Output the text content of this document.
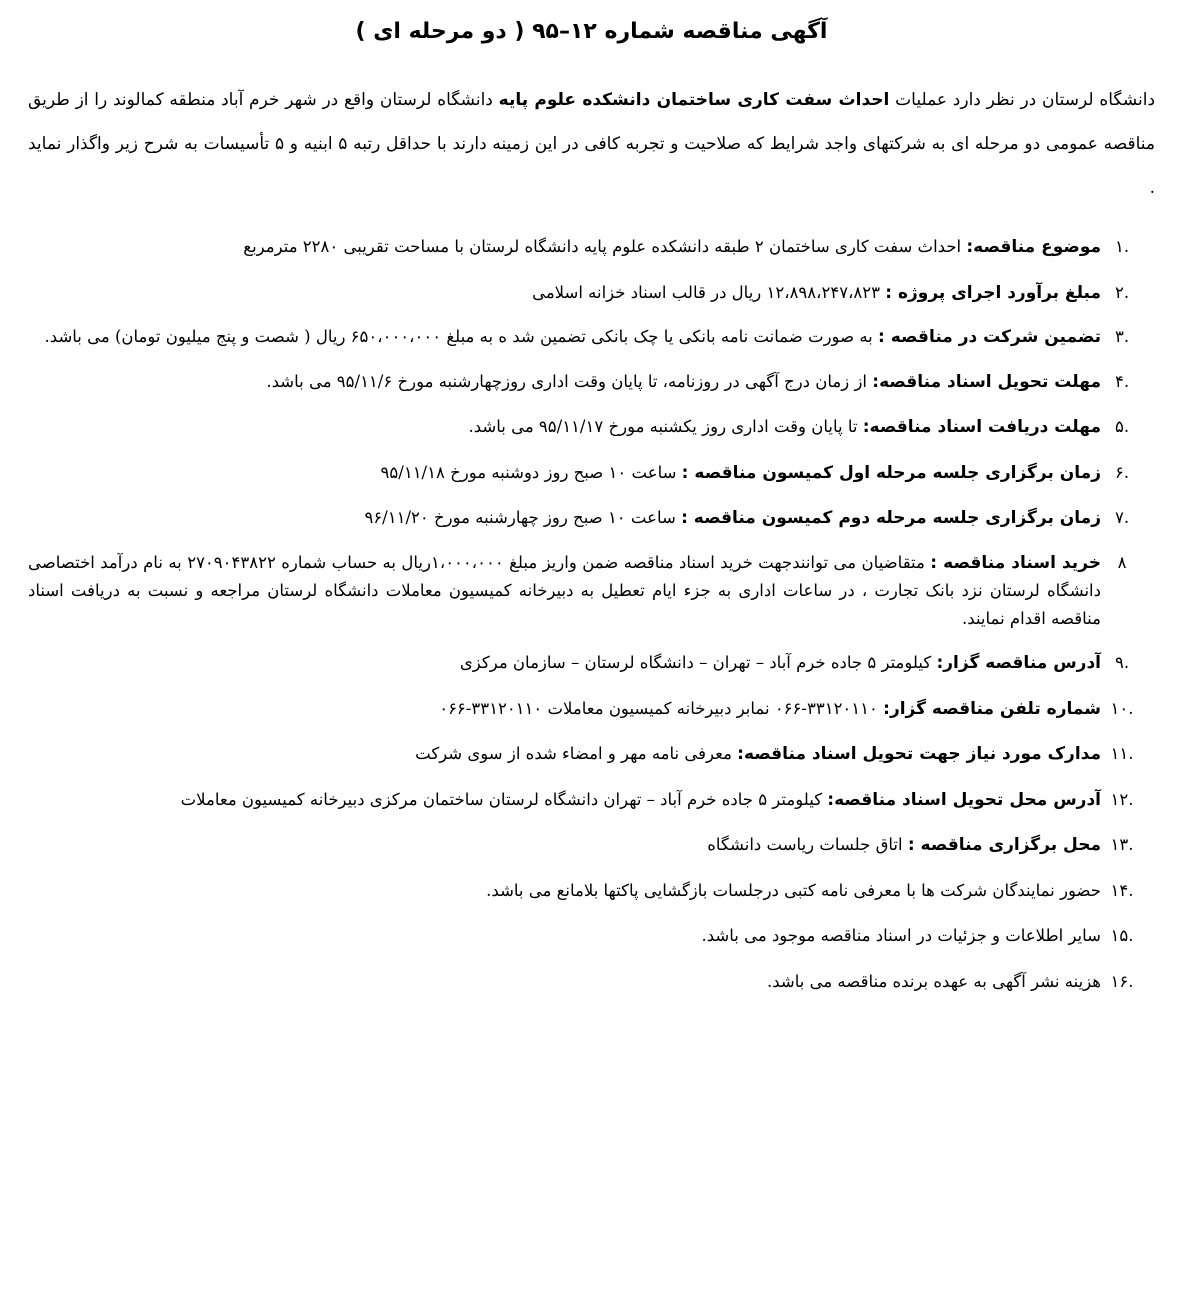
آگهی مناقصه شماره ۱۲–۹۵ ( دو مرحله ای )

دانشگاه لرستان در نظر دارد عملیات احداث سفت کاری ساختمان دانشکده علوم پایه دانشگاه لرستان واقع در شهر خرم آباد منطقه کمالوند را از طریق مناقصه عمومی دو مرحله ای به شرکتهای واجد شرایط که صلاحیت و تجربه کافی در این زمینه دارند با حداقل رتبه ۵ ابنیه و ۵ تأسیسات به شرح زیر واگذار نماید .

.۱
موضوع مناقصه: احداث سفت کاری ساختمان ۲ طبقه دانشکده علوم پایه دانشگاه لرستان با مساحت تقریبی ۲۲۸۰ مترمربع
.۲
مبلغ برآورد اجرای پروژه : ۱۲،۸۹۸،۲۴۷،۸۲۳ ریال در قالب اسناد خزانه اسلامی
.۳
تضمین شرکت در مناقصه : به صورت ضمانت نامه بانکی یا چک بانکی تضمین شد ه به مبلغ ۶۵۰،۰۰۰،۰۰۰ ریال ( شصت و پنج میلیون تومان) می باشد.
.۴
مهلت تحویل اسناد مناقصه: از زمان درج آگهی در روزنامه، تا پایان وقت اداری روزچهارشنبه مورخ ۹۵/۱۱/۶ می باشد.
.۵
مهلت دریافت اسناد مناقصه: تا پایان وقت اداری روز یکشنبه مورخ ۹۵/۱۱/۱۷ می باشد.
.۶
زمان برگزاری جلسه مرحله اول کمیسون مناقصه : ساعت ۱۰ صبح روز دوشنبه مورخ ۹۵/۱۱/۱۸
.۷
زمان برگزاری جلسه مرحله دوم کمیسون مناقصه : ساعت ۱۰ صبح روز چهارشنبه مورخ ۹۶/۱۱/۲۰
۸
خرید اسناد مناقصه : متقاضیان می توانندجهت خرید اسناد مناقصه ضمن واریز مبلغ ۱،۰۰۰،۰۰۰ریال به حساب شماره ۲۷۰۹۰۴۳۸۲۲ به نام درآمد اختصاصی دانشگاه لرستان نزد بانک تجارت ، در ساعات اداری به جزء ایام تعطیل به دبیرخانه کمیسیون معاملات دانشگاه لرستان مراجعه و نسبت به دریافت اسناد مناقصه اقدام نمایند.
.۹
آدرس مناقصه گزار: کیلومتر ۵ جاده خرم آباد – تهران – دانشگاه لرستان – سازمان مرکزی
.۱۰
شماره تلفن مناقصه گزار: ۳۳۱۲۰۱۱۰-۰۶۶ نمابر دبیرخانه کمیسیون معاملات ۳۳۱۲۰۱۱۰-۰۶۶
.۱۱
مدارک مورد نیاز جهت تحویل اسناد مناقصه: معرفی نامه مهر و امضاء شده از سوی شرکت
.۱۲
آدرس محل تحویل اسناد مناقصه: کیلومتر ۵ جاده خرم آباد – تهران دانشگاه لرستان ساختمان مرکزی دبیرخانه کمیسیون معاملات
.۱۳
محل برگزاری مناقصه : اتاق جلسات ریاست دانشگاه
.۱۴
حضور نمایندگان شرکت ها با معرفی نامه کتبی درجلسات بازگشایی پاکتها بلامانع می باشد.
.۱۵
سایر اطلاعات و جزئیات در اسناد مناقصه موجود می باشد.
.۱۶
هزینه نشر آگهی به عهده برنده مناقصه می باشد.
